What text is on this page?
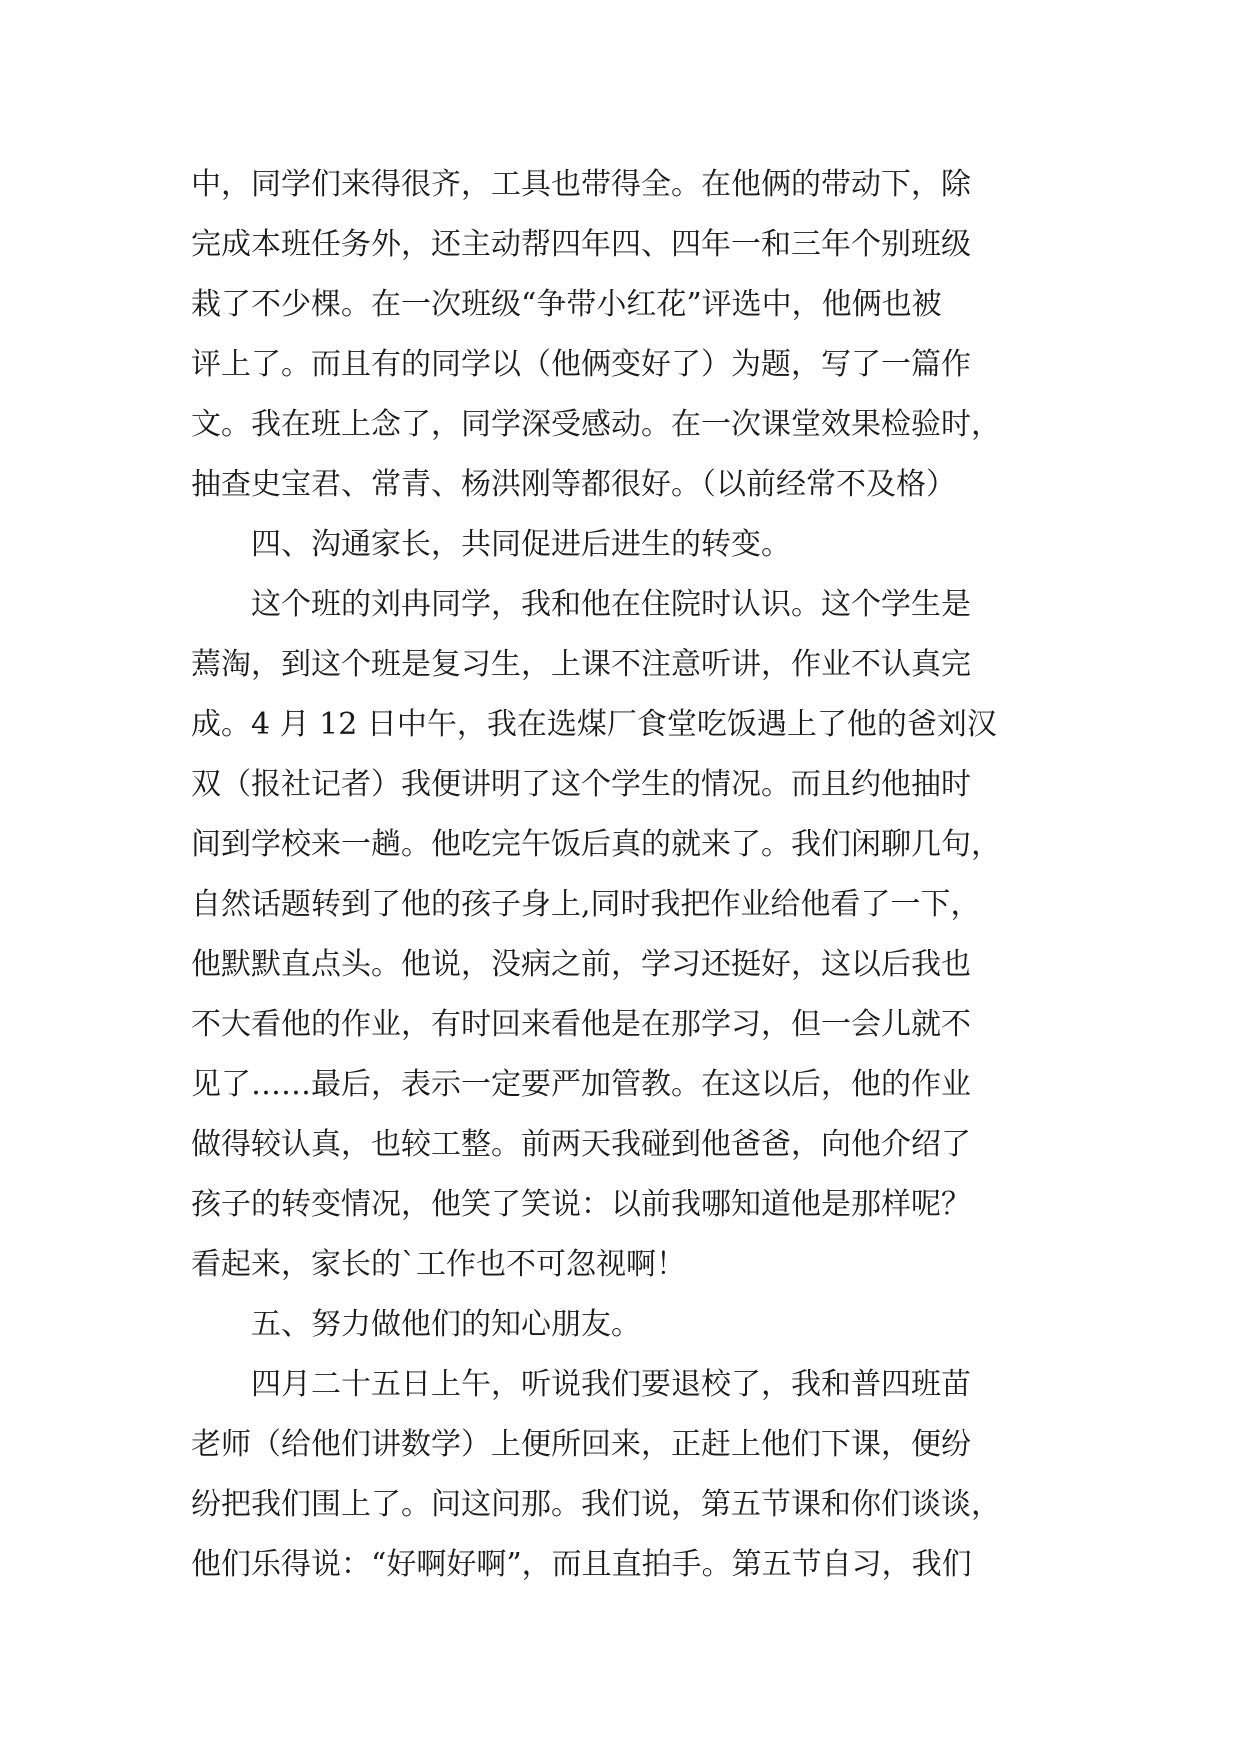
中，同学们来得很齐，工具也带得全。在他俩的带动下，除
完成本班任务外，还主动帮四年四、四年一和三年个别班级
栽了不少棵。在一次班级“争带小红花”评选中，他俩也被
评上了。而且有的同学以（他俩变好了）为题，写了一篇作
文。我在班上念了，同学深受感动。在一次课堂效果检验时，
抽查史宝君、常青、杨洪刚等都很好。（以前经常不及格）
四、沟通家长，共同促进后进生的转变。
这个班的刘冉同学，我和他在住院时认识。这个学生是
蔫淘，到这个班是复习生，上课不注意听讲，作业不认真完
成。4 月 12 日中午，我在选煤厂食堂吃饭遇上了他的爸刘汉
双（报社记者）我便讲明了这个学生的情况。而且约他抽时
间到学校来一趟。他吃完午饭后真的就来了。我们闲聊几句，
自然话题转到了他的孩子身上,同时我把作业给他看了一下，
他默默直点头。他说，没病之前，学习还挺好，这以后我也
不大看他的作业，有时回来看他是在那学习，但一会儿就不
见了……最后，表示一定要严加管教。在这以后，他的作业
做得较认真，也较工整。前两天我碰到他爸爸，向他介绍了
孩子的转变情况，他笑了笑说：以前我哪知道他是那样呢？
看起来，家长的`工作也不可忽视啊！
五、努力做他们的知心朋友。
四月二十五日上午，听说我们要退校了，我和普四班苗
老师（给他们讲数学）上便所回来，正赶上他们下课，便纷
纷把我们围上了。问这问那。我们说，第五节课和你们谈谈，
他们乐得说：“好啊好啊”，而且直拍手。第五节自习，我们
